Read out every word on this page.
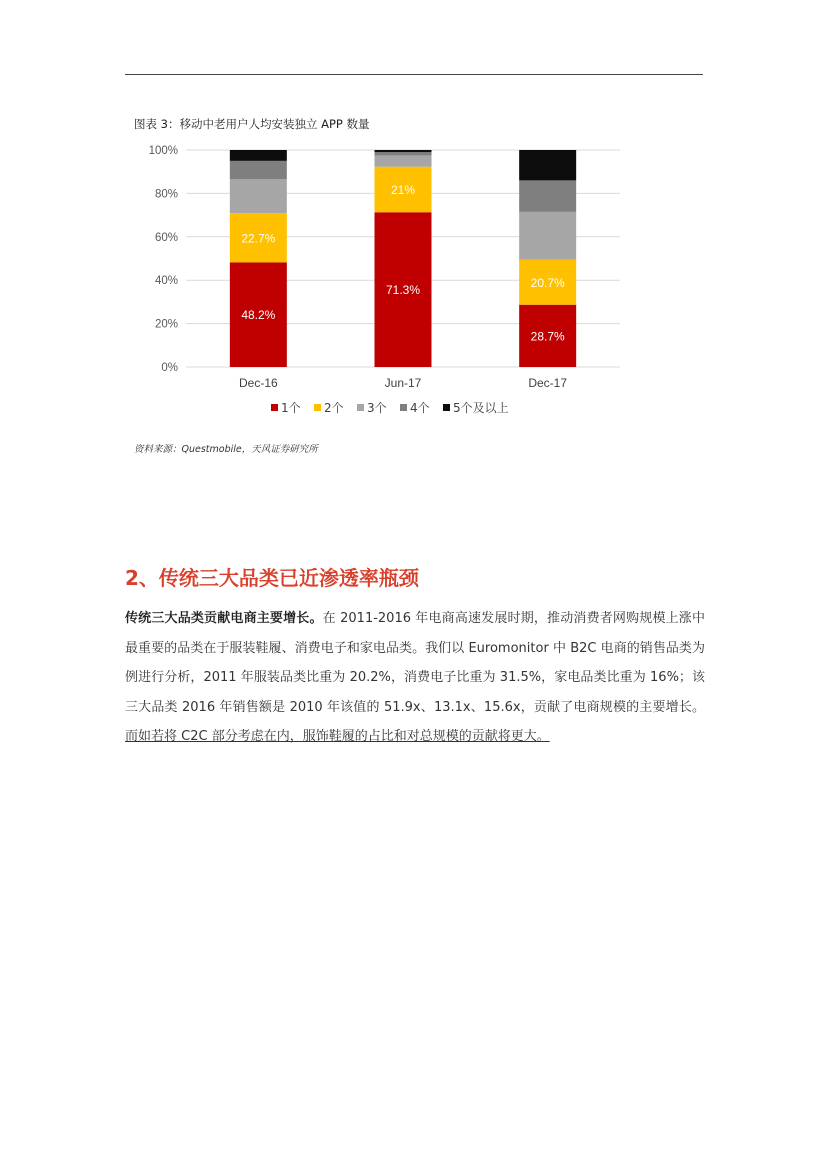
图表 3：移动中老用户人均安装独立 APP 数量
0%
20%
40%
60%
80%
100%
48.2%
22.7%
Dec-16
71.3%
21%
Jun-17
28.7%
20.7%
Dec-17
1个 2个 3个 4个 5个及以上
资料来源：Questmobile，天风证券研究所
2、传统三大品类已近渗透率瓶颈
传统三大品类贡献电商主要增长。在 2011-2016 年电商高速发展时期，推动消费者网购规模上涨中最重要的品类在于服装鞋履、消费电子和家电品类。我们以 Euromonitor 中 B2C 电商的销售品类为例进行分析，2011 年服装品类比重为 20.2%，消费电子比重为 31.5%，家电品类比重为 16%；该三大品类 2016 年销售额是 2010 年该值的 51.9x、13.1x、15.6x，贡献了电商规模的主要增长。而如若将 C2C 部分考虑在内，服饰鞋履的占比和对总规模的贡献将更大。
